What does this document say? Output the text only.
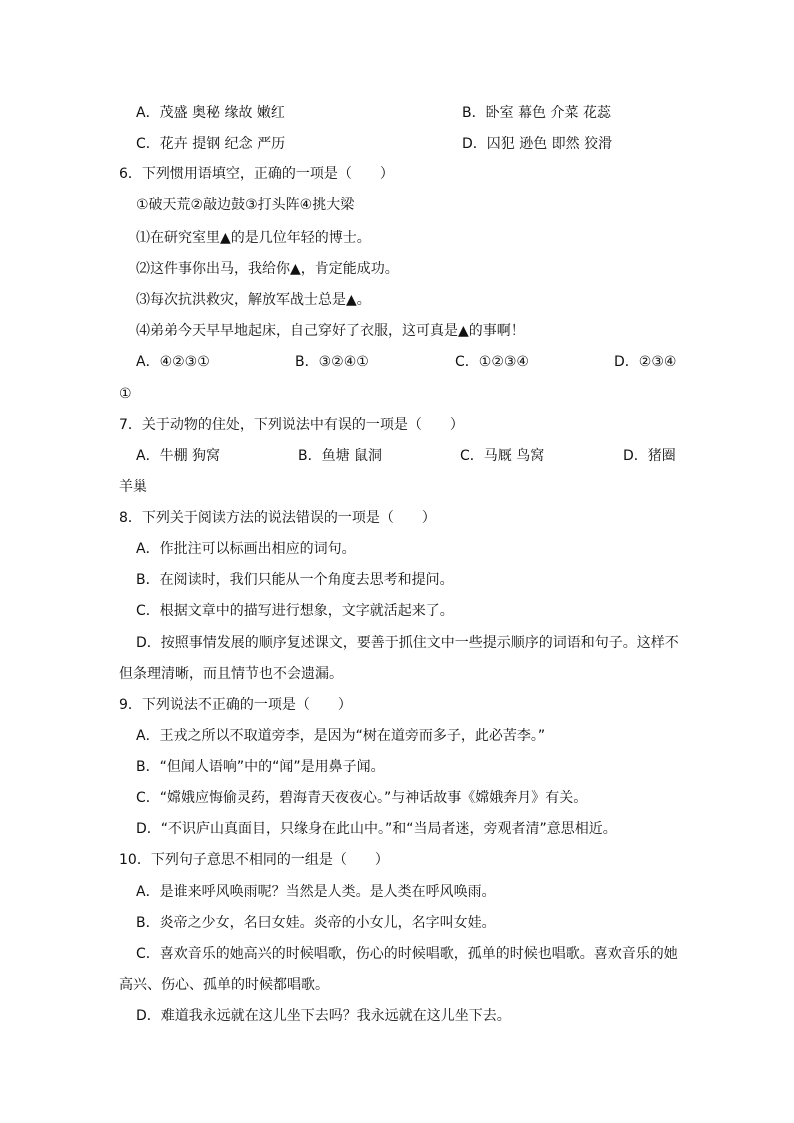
A．茂盛 奥秘 缘故 嫩红	B．卧室 幕色 介菜 花蕊
C．花卉 提钢 纪念 严历	D．囚犯 逊色 即然 狡滑
6．下列惯用语填空，正确的一项是（　　）
①破天荒②敲边鼓③打头阵④挑大梁
⑴在研究室里▲的是几位年轻的博士。
⑵这件事你出马，我给你▲，肯定能成功。
⑶每次抗洪救灾，解放军战士总是▲。
⑷弟弟今天早早地起床，自己穿好了衣服，这可真是▲的事啊！
A．④②③①	B．③②④①	C．①②③④	D．②③④
①
7．关于动物的住处，下列说法中有误的一项是（　　）
A．牛棚 狗窝	B．鱼塘 鼠洞	C．马厩 鸟窝	D．猪圈
羊巢
8．下列关于阅读方法的说法错误的一项是（　　）
A．作批注可以标画出相应的词句。
B．在阅读时，我们只能从一个角度去思考和提问。
C．根据文章中的描写进行想象，文字就活起来了。
D．按照事情发展的顺序复述课文，要善于抓住文中一些提示顺序的词语和句子。这样不
但条理清晰，而且情节也不会遗漏。
9．下列说法不正确的一项是（　　）
A．王戎之所以不取道旁李，是因为“树在道旁而多子，此必苦李。”
B．“但闻人语响”中的“闻”是用鼻子闻。
C．“嫦娥应悔偷灵药，碧海青天夜夜心。”与神话故事《嫦娥奔月》有关。
D．“不识庐山真面目，只缘身在此山中。”和“当局者迷，旁观者清”意思相近。
10．下列句子意思不相同的一组是（　　）
A．是谁来呼风唤雨呢？当然是人类。是人类在呼风唤雨。
B．炎帝之少女，名曰女娃。炎帝的小女儿，名字叫女娃。
C．喜欢音乐的她高兴的时候唱歌，伤心的时候唱歌，孤单的时候也唱歌。喜欢音乐的她
高兴、伤心、孤单的时候都唱歌。
D．难道我永远就在这儿坐下去吗？我永远就在这儿坐下去。
